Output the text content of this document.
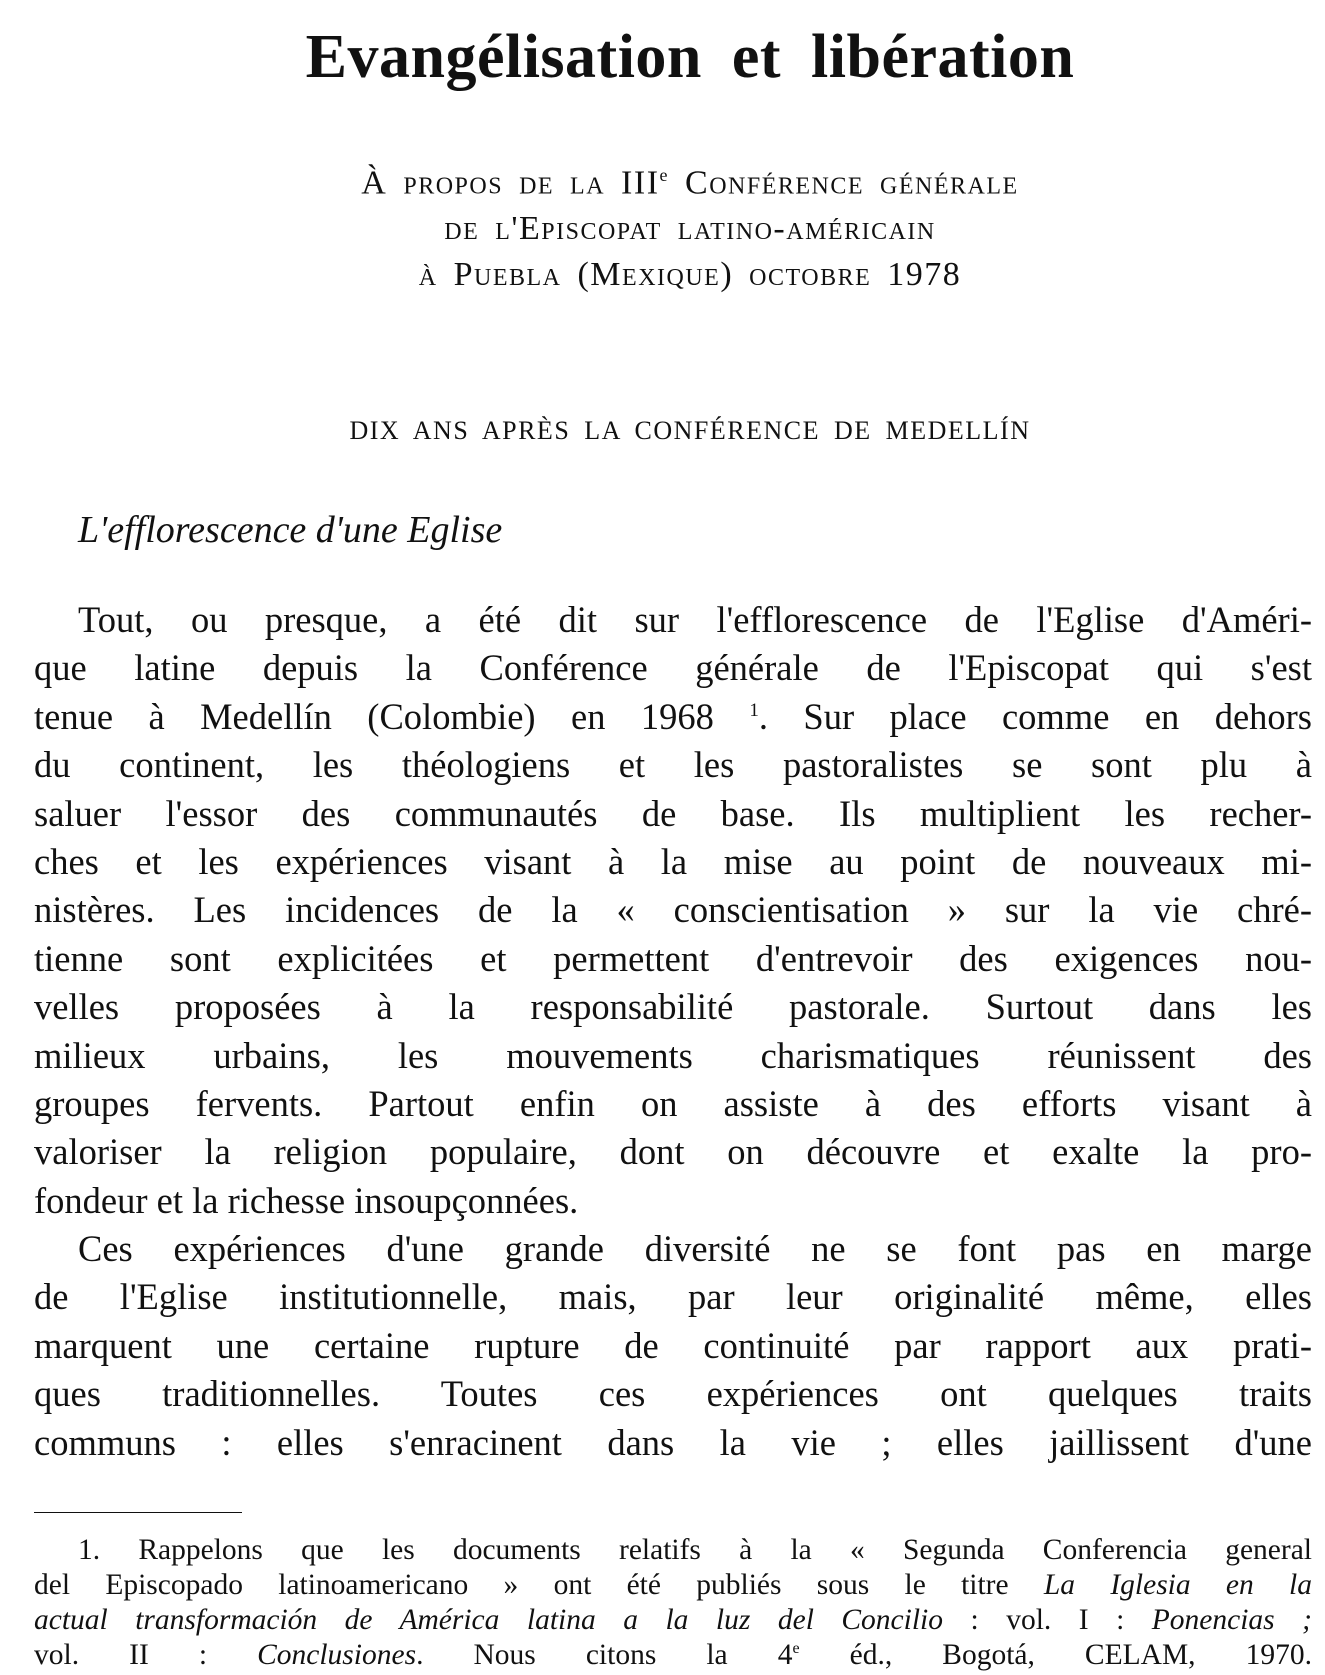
Evangélisation et libération
À propos de la IIIe Conférence générale
de l'Episcopat latino-américain
à Puebla (Mexique) octobre 1978
DIX ANS APRÈS LA CONFÉRENCE DE MEDELLÍN
L'efflorescence d'une Eglise
Tout, ou presque, a été dit sur l'efflorescence de l'Eglise d'Améri-
que latine depuis la Conférence générale de l'Episcopat qui s'est
tenue à Medellín (Colombie) en 1968 $^1$. Sur place comme en dehors
du continent, les théologiens et les pastoralistes se sont plu à
saluer l'essor des communautés de base. Ils multiplient les recher-
ches et les expériences visant à la mise au point de nouveaux mi-
nistères. Les incidences de la « conscientisation » sur la vie chré-
tienne sont explicitées et permettent d'entrevoir des exigences nou-
velles proposées à la responsabilité pastorale. Surtout dans les
milieux urbains, les mouvements charismatiques réunissent des
groupes fervents. Partout enfin on assiste à des efforts visant à
valoriser la religion populaire, dont on découvre et exalte la pro-
fondeur et la richesse insoupçonnées.
Ces expériences d'une grande diversité ne se font pas en marge
de l'Eglise institutionnelle, mais, par leur originalité même, elles
marquent une certaine rupture de continuité par rapport aux prati-
ques traditionnelles. Toutes ces expériences ont quelques traits
communs : elles s'enracinent dans la vie ; elles jaillissent d'une
1. Rappelons que les documents relatifs à la « Segunda Conferencia general
del Episcopado latinoamericano » ont été publiés sous le titre La Iglesia en la
actual transformación de América latina a la luz del Concilio : vol. I : Ponencias ;
vol. II : Conclusiones. Nous citons la 4e éd., Bogotá, CELAM, 1970.
